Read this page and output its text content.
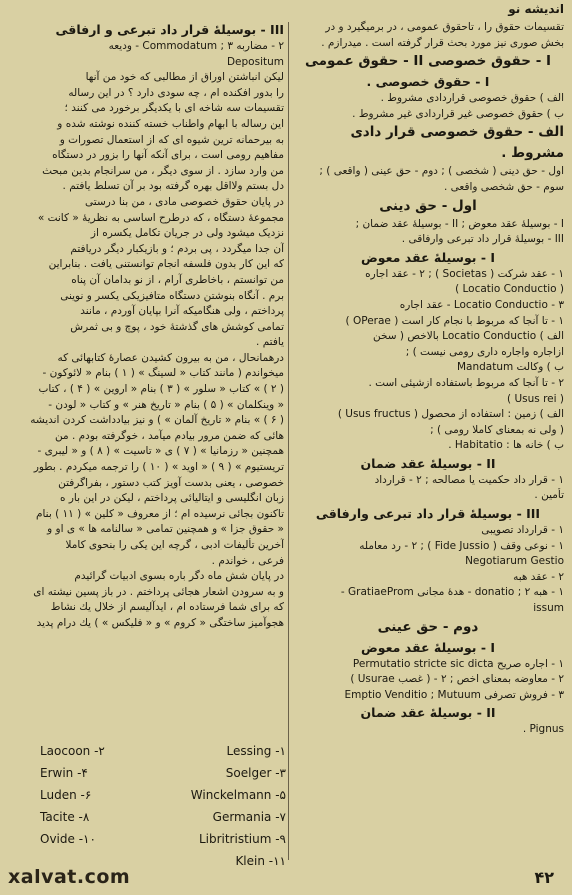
اندیشه نو
تقسیمات حقوق را ، تاحقوق عمومی ، در برمیگیرد و در
بخش صوری نیز مورد بحث قرار گرفته است . میدرازم .
I - حقوق خصوصی II - حقوق عمومی
I - حقوق خصوصی .
الف ) حقوق خصوصی قراردادی مشروط .
ب ) حقوق خصوصی غیر قراردادی غیر مشروط .
الف - حقوق خصوصی قرار دادی
مشروط .
اول - حق دینی ( شخصی ) ; دوم - حق عینی ( واقعی ) ;
سوم - حق شخصی واقعی .
اول - حق دینی
I - بوسیلهٔ عقد معوض ; II - بوسیلهٔ عقد ضمان ;
III - بوسیلهٔ قرار داد تبرعی وارفاقی .
I - بوسیلهٔ عقد معوض
۱ - عقد شرکت ( Societas ) ; ۲ - عقد اجاره
( Locatio Conductio )
Locatio Conductio - ۳ - عقد اجاره
۱ - تا آنجا که مربوط با نجام کار است ( OPerae )
الف ) Locatio Conductio بالاخص ( سخن
ازاجاره واجاره داری رومی نیست ) ;
ب ) وکالت Mandatum
۲ - تا آنجا که مربوط باستفاده ازشیئی است .
( Usus rei )
الف ) زمین : استفاده از محصول ( Usus fructus )
( ولی نه بمعنای کاملا رومی ) ;
ب ) خانه ها : Habitatio .
II - بوسیلهٔ عقد ضمان
۱ - قرار داد حکمیت یا مصالحه ; ۲ - قرارداد
تأمین .
III - بوسیلهٔ قرار داد تبرعی وارفاقی
۱ - قرارداد تصویبی
۱ - نوعی وقف ( Fide Jussio ) ; ۲ - رد معامله
Negotiarum Gestio
۲ - عقد هبه
۱ - هبه donatio ; ۲ - هدهٔ مجانی GratiaeProm -
issum
دوم - حق عینی
I - بوسیلهٔ عقد معوض
۱ - اجاره صریح Permutatio stricte sic dicta
۲ - معاوضه بمعنای اخص ; ۲ - ( غصب Usurae )
۳ - فروش تصرفی Emptio Venditio ; Mutuum
II - بوسیلهٔ عقد ضمان
Pignus .
III - بوسیلهٔ قرار داد تبرعی و ارفاقی
۲ - مضاربه Commodatum ; ۳ - ودیعه
Depositum
لیکن انباشتن اوراق از مطالبی که خود من آنها
را بدور افکنده ام ، چه سودی دارد ؟ در این رساله
تقسیمات سه شاخه ای با یکدیگر برخورد می کنند ؛
این رساله با ابهام واطناب خسته کننده نوشته شده و
به بیرحمانه ترین شیوه ای که از استعمال تصورات و
مفاهیم رومی است ، برای آنکه آنها را بزور در دستگاه
من وارد سازد . از سوی دیگر ، من سرانجام بدین مبحث
دل بستم ولااقل بهره گرفته بود بر آن تسلط یافتم .
در پایان حقوق خصوصی مادی ، من بنا درستی
مجموعهٔ دستگاه ، که درطرح اساسی به نظریهٔ « کانت »
نزدیک میشود ولی در جریان تکامل یکسره از
آن جدا میگردد ، پی بردم ؛ و بازیکبار دیگر دریافتم
که این کار بدون فلسفه انجام توانستنی یافت . بنابراین
من توانستم ، باخاطری آرام ، از نو بدامان آن پناه
برم . آنگاه بنوشتن دستگاه متافیزیکی یکسر و نوینی
پرداختم ، ولی هنگامیکه آنرا بپایان آوردم ، مانند
تمامی کوشش های گذشتهٔ خود ، پوچ و بی ثمرش
یافتم .
درهمانحال ، من به بیرون کشیدن عصارهٔ کتابهائی که
میخواندم ( مانند کتاب « لسینگ » ( ۱ ) بنام « لائوکون -
( ۲ ) » کتاب « سلور » ( ۳ ) بنام « اروین » ( ۴ ) ، کتاب
« وینکلمان » ( ۵ ) بنام « تاریخ هنر » و کتاب « لودن -
( ۶ ) » بنام « تاریخ آلمان » ) و نیز بیادداشت کردن اندیشه
هائی که ضمن مرور بیادم میآمد ، خوگرفته بودم . من
همچنین « رزمانیا » ( ۷ ) ی « تاسیت » ( ۸ ) و « لیبری -
تریستیوم » ( ۹ ) « اوید » ( ۱۰ ) را ترجمه میکردم . بطور
خصوصی ، یعنی بدست آویز کتب دستور ، بفراگرفتن
زبان انگلیسی و ایتالیائی پرداختم ، لیکن در این بار ه
تاکنون بجائی نرسیده ام ؛ از معروف « کلین » ( ۱۱ ) بنام
« حقوق جزا » و همچنین تمامی « سالنامه ها » ی او و
آخرین تألیفات ادبی ، گرچه این یکی را بنحوی کاملا
فرعی ، خواندم .
در پایان شش ماه دگر باره بسوی ادبیات گرائیدم
و به سرودن اشعار هجائی پرداختم . در باز پسین نیشته ای
که برای شما فرستاده ام ، ایدآلیسم از خلال یك نشاط
هجوآمیز ساختگی « کروم » و « فلیکس » ) یك درام پدید
Laocoon -۲	Lessing -۱
Erwin -۴	Soelger -۳
Luden -۶	Winckelmann -۵
Tacite -۸	Germania -۷
Ovide -۱۰	Libritristium -۹
Klein -۱۱
xalvat.com	۴۲
